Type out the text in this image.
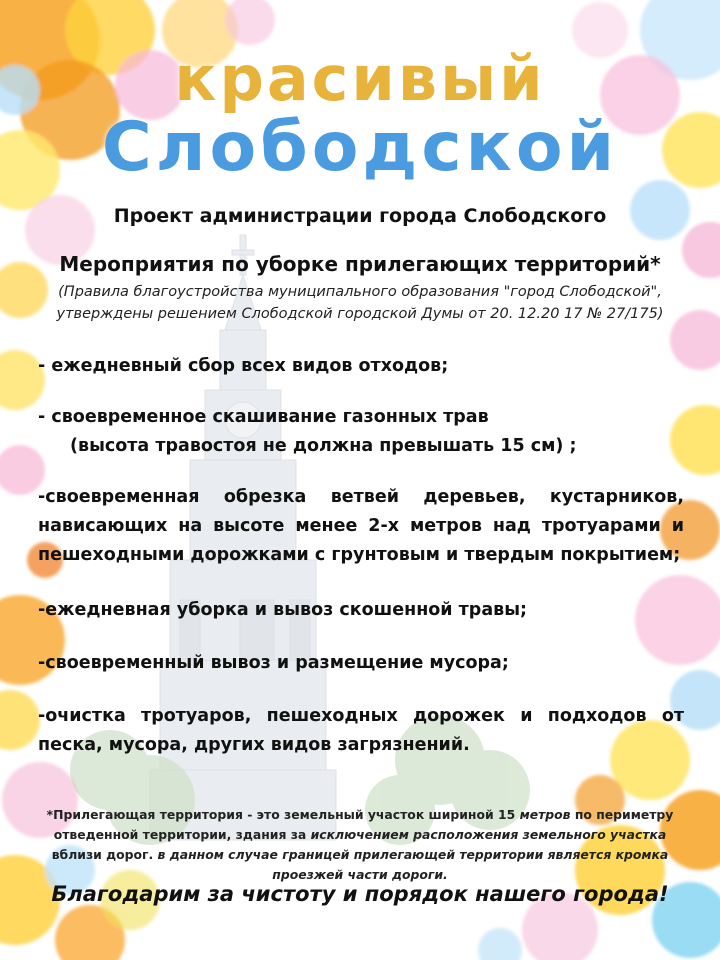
красивый
Слободской
Проект администрации города Слободского
Мероприятия по уборке прилегающих территорий*
(Правила благоустройства муниципального образования "город Слободской",
утверждены решением Слободской городской Думы от 20. 12.20 17 № 27/175)

- ежедневный сбор всех видов отходов;

- своевременное скашивание газонных трав
(высота травостоя не должна превышать 15 см) ;

-своевременная обрезка ветвей деревьев, кустарников, нависающих на высоте менее 2-х метров над тротуарами и пешеходными дорожками с грунтовым и твердым покрытием;

-ежедневная уборка и вывоз скошенной травы;

-своевременный вывоз и размещение мусора;

-очистка тротуаров, пешеходных дорожек и подходов от песка, мусора, других видов загрязнений.

*Прилегающая территория - это земельный участок шириной 15 метров по периметру отведенной территории, здания за исключением расположения земельного участка вблизи дорог. в данном случае границей прилегающей территории является кромка проезжей части дороги.
Благодарим за чистоту и порядок нашего города!
